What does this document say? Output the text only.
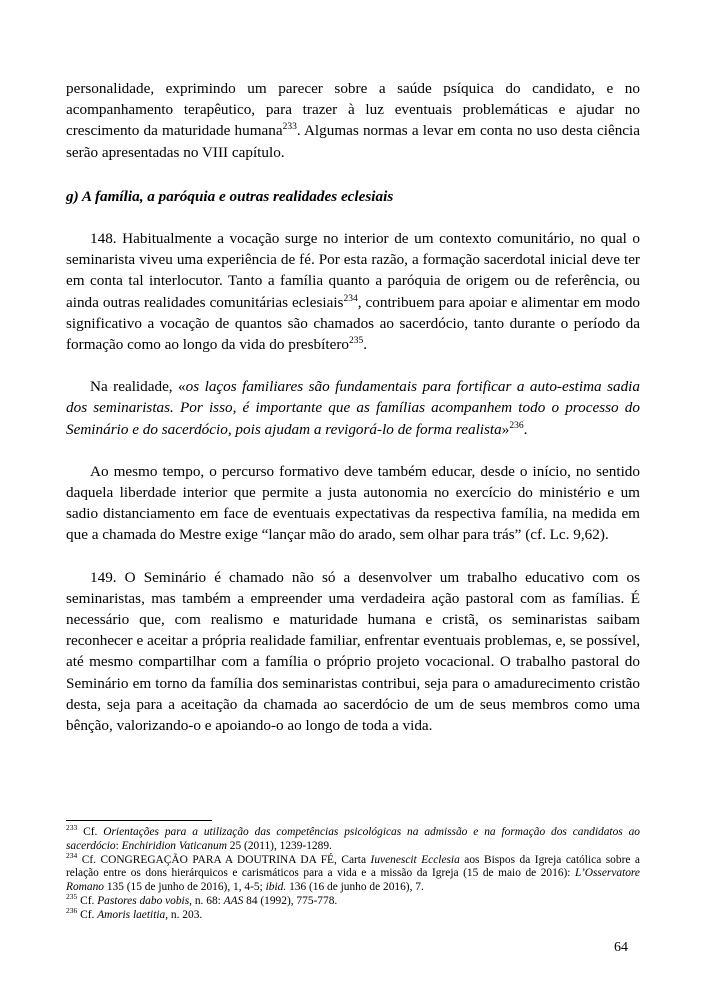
personalidade, exprimindo um parecer sobre a saúde psíquica do candidato, e no acompanhamento terapêutico, para trazer à luz eventuais problemáticas e ajudar no crescimento da maturidade humana$^{233}$. Algumas normas a levar em conta no uso desta ciência serão apresentadas no VIII capítulo.

g) A família, a paróquia e outras realidades eclesiais

148. Habitualmente a vocação surge no interior de um contexto comunitário, no qual o seminarista viveu uma experiência de fé. Por esta razão, a formação sacerdotal inicial deve ter em conta tal interlocutor. Tanto a família quanto a paróquia de origem ou de referência, ou ainda outras realidades comunitárias eclesiais$^{234}$, contribuem para apoiar e alimentar em modo significativo a vocação de quantos são chamados ao sacerdócio, tanto durante o período da formação como ao longo da vida do presbítero$^{235}$.

Na realidade, «os laços familiares são fundamentais para fortificar a auto-estima sadia dos seminaristas. Por isso, é importante que as famílias acompanhem todo o processo do Seminário e do sacerdócio, pois ajudam a revigorá-lo de forma realista»$^{236}$.

Ao mesmo tempo, o percurso formativo deve também educar, desde o início, no sentido daquela liberdade interior que permite a justa autonomia no exercício do ministério e um sadio distanciamento em face de eventuais expectativas da respectiva família, na medida em que a chamada do Mestre exige “lançar mão do arado, sem olhar para trás” (cf. Lc. 9,62).

149. O Seminário é chamado não só a desenvolver um trabalho educativo com os seminaristas, mas também a empreender uma verdadeira ação pastoral com as famílias. É necessário que, com realismo e maturidade humana e cristã, os seminaristas saibam reconhecer e aceitar a própria realidade familiar, enfrentar eventuais problemas, e, se possível, até mesmo compartilhar com a família o próprio projeto vocacional. O trabalho pastoral do Seminário em torno da família dos seminaristas contribui, seja para o amadurecimento cristão desta, seja para a aceitação da chamada ao sacerdócio de um de seus membros como uma bênção, valorizando-o e apoiando-o ao longo de toda a vida.

$^{233}$ Cf. Orientações para a utilização das competências psicológicas na admissão e na formação dos candidatos ao sacerdócio: Enchiridion Vaticanum 25 (2011), 1239-1289.

$^{234}$ Cf. CONGREGAÇÃO PARA A DOUTRINA DA FÉ, Carta Iuvenescit Ecclesia aos Bispos da Igreja católica sobre a relação entre os dons hierárquicos e carismáticos para a vida e a missão da Igreja (15 de maio de 2016): L’Osservatore Romano 135 (15 de junho de 2016), 1, 4-5; ibid. 136 (16 de junho de 2016), 7.

$^{235}$ Cf. Pastores dabo vobis, n. 68: AAS 84 (1992), 775-778.

$^{236}$ Cf. Amoris laetitia, n. 203.

64
